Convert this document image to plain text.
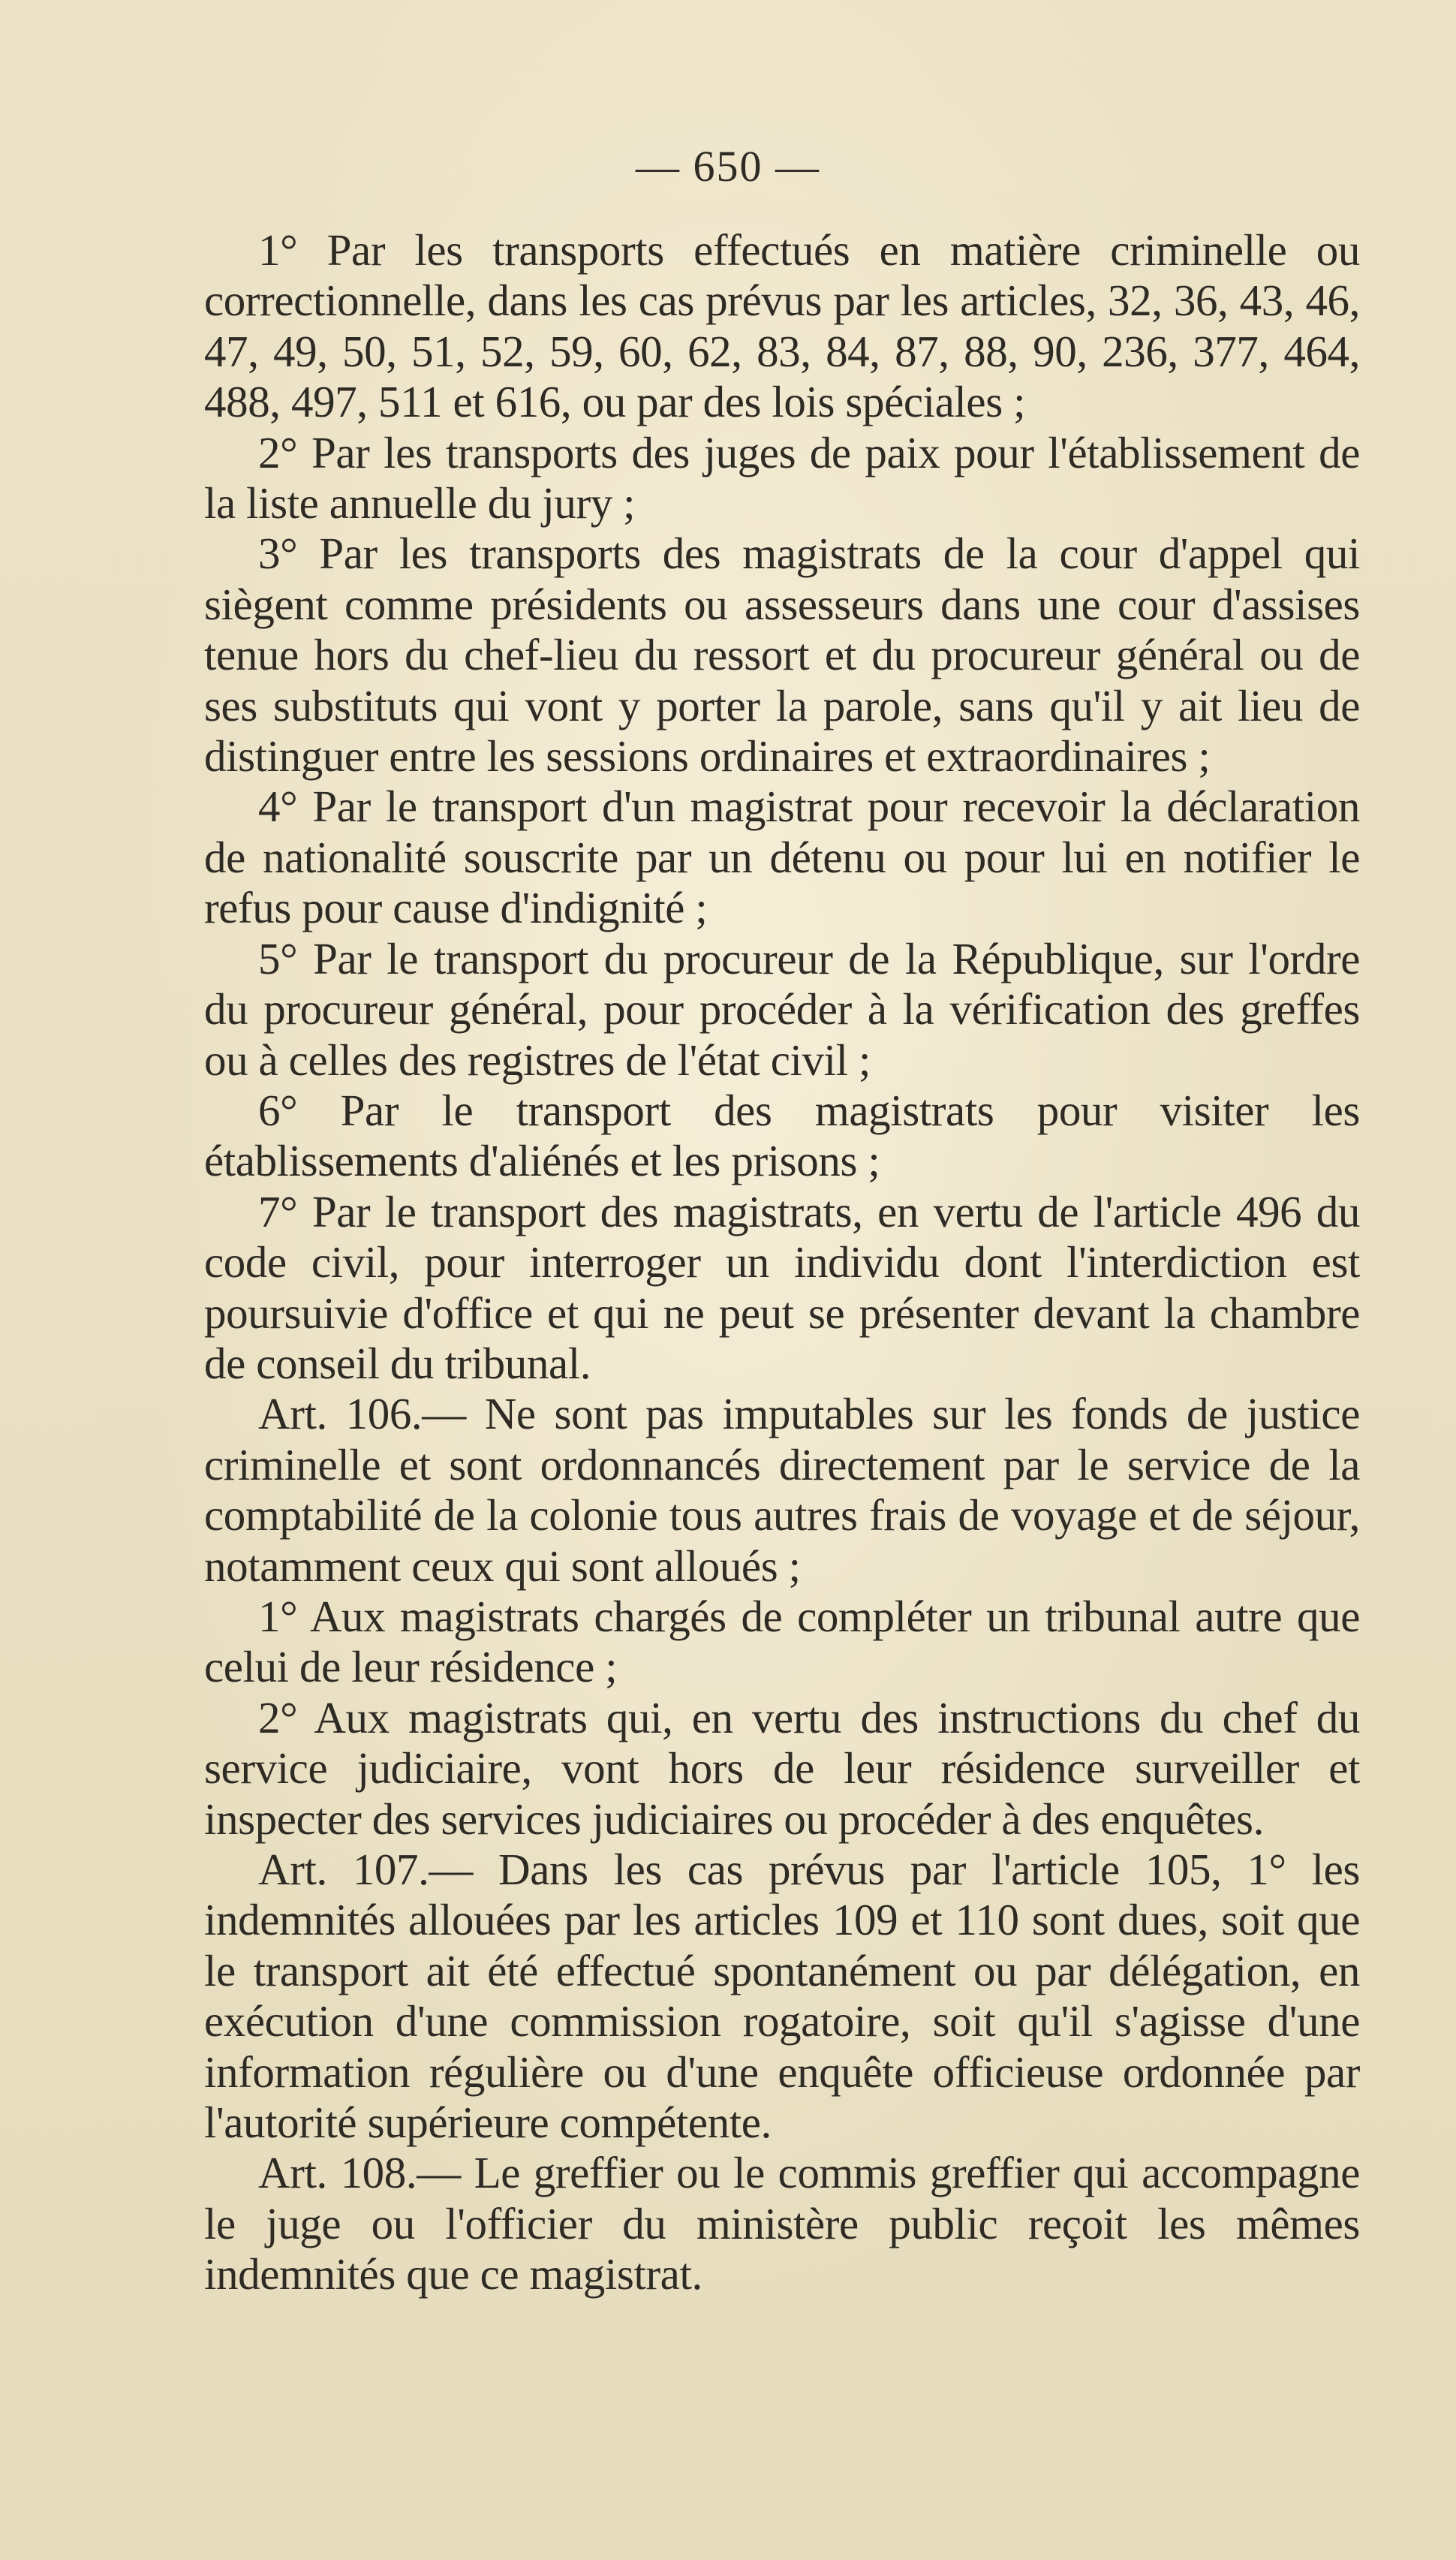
— 650 —

1° Par les transports effectués en matière criminelle ou correctionnelle, dans les cas prévus par les articles, 32, 36, 43, 46, 47, 49, 50, 51, 52, 59, 60, 62, 83, 84, 87, 88, 90, 236, 377, 464, 488, 497, 511 et 616, ou par des lois spéciales ;

2° Par les transports des juges de paix pour l'établissement de la liste annuelle du jury ;

3° Par les transports des magistrats de la cour d'appel qui siègent comme présidents ou assesseurs dans une cour d'assises tenue hors du chef-lieu du ressort et du procureur général ou de ses substituts qui vont y porter la parole, sans qu'il y ait lieu de distinguer entre les sessions ordinaires et extraordinaires ;

4° Par le transport d'un magistrat pour recevoir la déclaration de nationalité souscrite par un détenu ou pour lui en notifier le refus pour cause d'indignité ;

5° Par le transport du procureur de la République, sur l'ordre du procureur général, pour procéder à la vérification des greffes ou à celles des registres de l'état civil ;

6° Par le transport des magistrats pour visiter les établissements d'aliénés et les prisons ;

7° Par le transport des magistrats, en vertu de l'article 496 du code civil, pour interroger un individu dont l'interdiction est poursuivie d'office et qui ne peut se présenter devant la chambre de conseil du tribunal.

Art. 106.— Ne sont pas imputables sur les fonds de justice criminelle et sont ordonnancés directement par le service de la comptabilité de la colonie tous autres frais de voyage et de séjour, notamment ceux qui sont alloués ;

1° Aux magistrats chargés de compléter un tribunal autre que celui de leur résidence ;

2° Aux magistrats qui, en vertu des instructions du chef du service judiciaire, vont hors de leur résidence surveiller et inspecter des services judiciaires ou procéder à des enquêtes.

Art. 107.— Dans les cas prévus par l'article 105, 1° les indemnités allouées par les articles 109 et 110 sont dues, soit que le transport ait été effectué spontanément ou par délégation, en exécution d'une commission rogatoire, soit qu'il s'agisse d'une information régulière ou d'une enquête officieuse ordonnée par l'autorité supérieure compétente.

Art. 108.— Le greffier ou le commis greffier qui accompagne le juge ou l'officier du ministère public reçoit les mêmes indemnités que ce magistrat.
